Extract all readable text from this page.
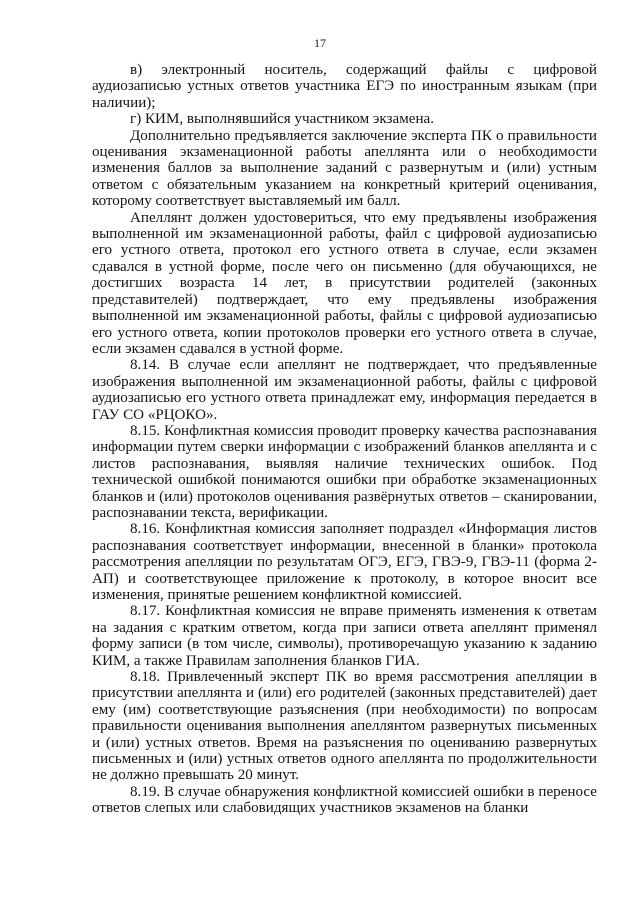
17

в) электронный носитель, содержащий файлы с цифровой аудиозаписью устных ответов участника ЕГЭ по иностранным языкам (при наличии);

г) КИМ, выполнявшийся участником экзамена.

Дополнительно предъявляется заключение эксперта ПК о правильности оценивания экзаменационной работы апеллянта или о необходимости изменения баллов за выполнение заданий с развернутым и (или) устным ответом с обязательным указанием на конкретный критерий оценивания, которому соответствует выставляемый им балл.

Апеллянт должен удостовериться, что ему предъявлены изображения выполненной им экзаменационной работы, файл с цифровой аудиозаписью его устного ответа, протокол его устного ответа в случае, если экзамен сдавался в устной форме, после чего он письменно (для обучающихся, не достигших возраста 14 лет, в присутствии родителей (законных представителей) подтверждает, что ему предъявлены изображения выполненной им экзаменационной работы, файлы с цифровой аудиозаписью его устного ответа, копии протоколов проверки его устного ответа в случае, если экзамен сдавался в устной форме.

8.14. В случае если апеллянт не подтверждает, что предъявленные изображения выполненной им экзаменационной работы, файлы с цифровой аудиозаписью его устного ответа принадлежат ему, информация передается в ГАУ СО «РЦОКО».

8.15. Конфликтная комиссия проводит проверку качества распознавания информации путем сверки информации с изображений бланков апеллянта и с листов распознавания, выявляя наличие технических ошибок. Под технической ошибкой понимаются ошибки при обработке экзаменационных бланков и (или) протоколов оценивания развёрнутых ответов – сканировании, распознавании текста, верификации.

8.16. Конфликтная комиссия заполняет подраздел «Информация листов распознавания соответствует информации, внесенной в бланки» протокола рассмотрения апелляции по результатам ОГЭ, ЕГЭ, ГВЭ-9, ГВЭ-11 (форма 2-АП) и соответствующее приложение к протоколу, в которое вносит все изменения, принятые решением конфликтной комиссией.

8.17. Конфликтная комиссия не вправе применять изменения к ответам на задания с кратким ответом, когда при записи ответа апеллянт применял форму записи (в том числе, символы), противоречащую указанию к заданию КИМ, а также Правилам заполнения бланков ГИА.

8.18. Привлеченный эксперт ПК во время рассмотрения апелляции в присутствии апеллянта и (или) его родителей (законных представителей) дает ему (им) соответствующие разъяснения (при необходимости) по вопросам правильности оценивания выполнения апеллянтом развернутых письменных и (или) устных ответов. Время на разъяснения по оцениванию развернутых письменных и (или) устных ответов одного апеллянта по продолжительности не должно превышать 20 минут.

8.19. В случае обнаружения конфликтной комиссией ошибки в переносе ответов слепых или слабовидящих участников экзаменов на бланки
